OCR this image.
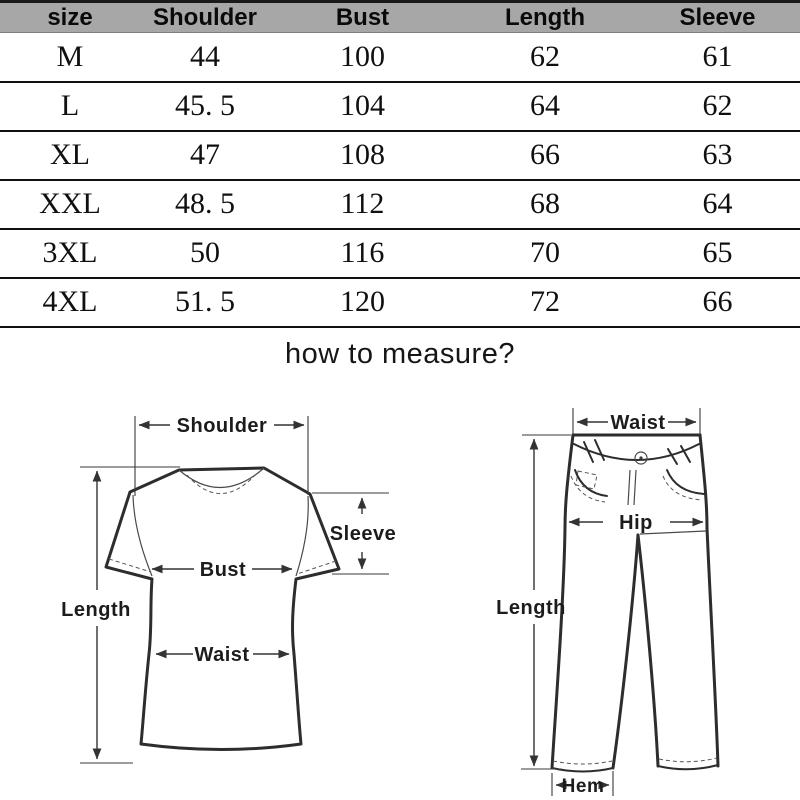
size	Shoulder	Bust	Length	Sleeve
M	44	100	62	61
L	45. 5	104	64	62
XL	47	108	66	63
XXL	48. 5	112	68	64
3XL	50	116	70	65
4XL	51. 5	120	72	66
how to measure?
Shoulder
Sleeve
Bust
Length
Waist
Waist
Hip
Length
Hem
